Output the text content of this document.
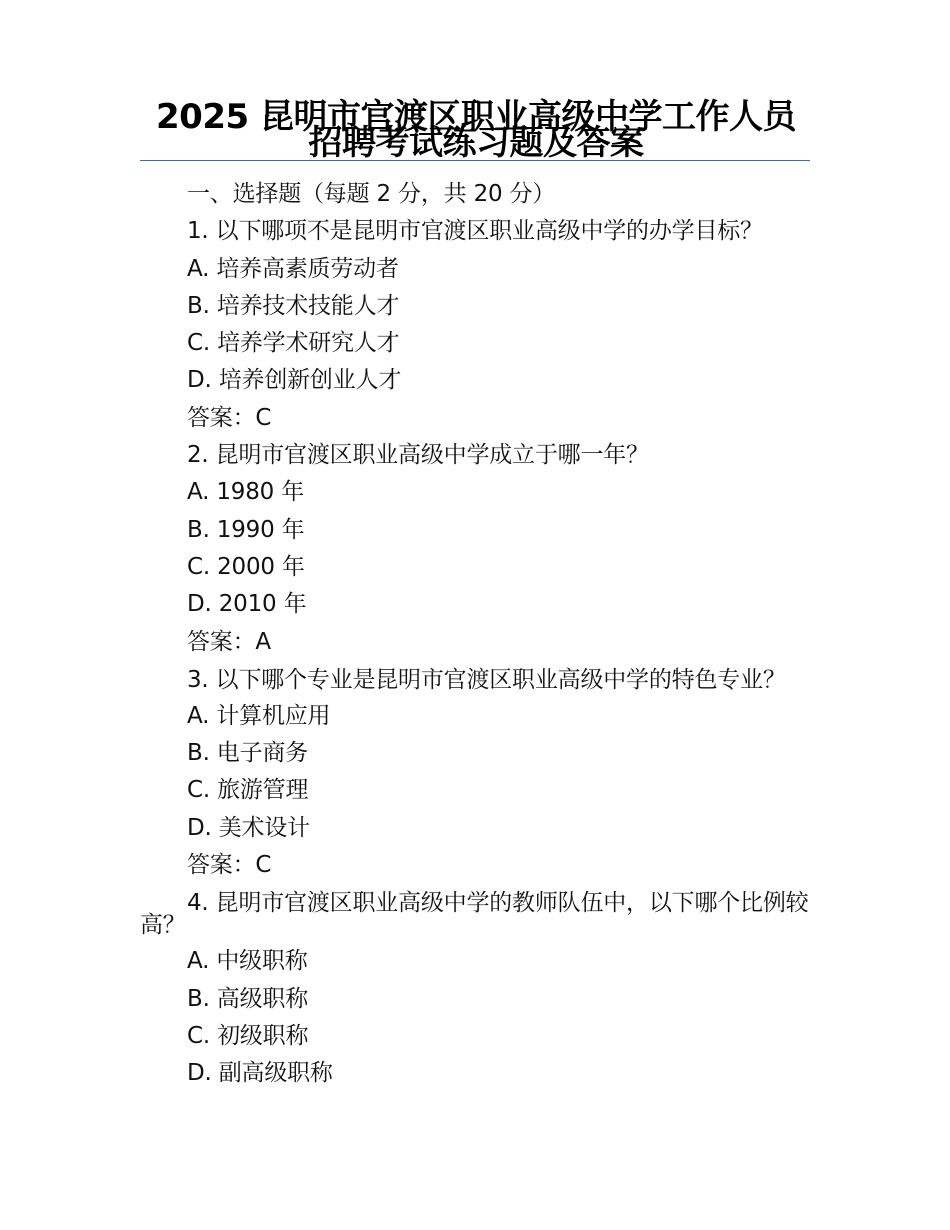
2025 昆明市官渡区职业高级中学工作人员招聘考试练习题及答案
一、选择题（每题 2 分，共 20 分）
1. 以下哪项不是昆明市官渡区职业高级中学的办学目标？
A. 培养高素质劳动者
B. 培养技术技能人才
C. 培养学术研究人才
D. 培养创新创业人才
答案：C
2. 昆明市官渡区职业高级中学成立于哪一年？
A. 1980 年
B. 1990 年
C. 2000 年
D. 2010 年
答案：A
3. 以下哪个专业是昆明市官渡区职业高级中学的特色专业？
A. 计算机应用
B. 电子商务
C. 旅游管理
D. 美术设计
答案：C
4. 昆明市官渡区职业高级中学的教师队伍中，以下哪个比例较高？
A. 中级职称
B. 高级职称
C. 初级职称
D. 副高级职称
